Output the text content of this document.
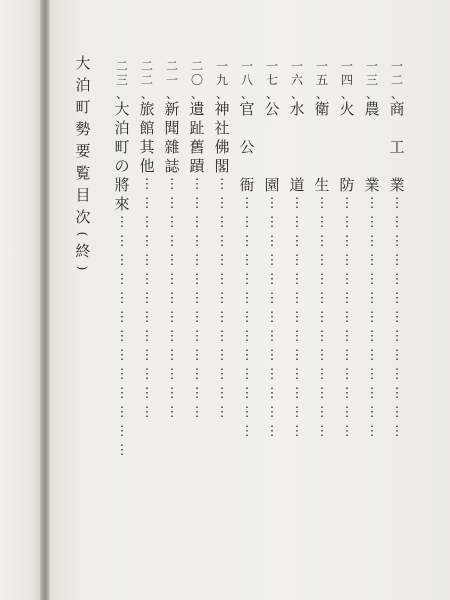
大
泊
町
勢
要
覧
目
次
(
終
)
一
二
、
商

工

業
⋮
⋮
⋮
⋮
⋮
⋮
⋮
⋮
⋮
⋮
⋮
⋮
⋮
一
三
、
農

業
⋮
⋮
⋮
⋮
⋮
⋮
⋮
⋮
⋮
⋮
⋮
⋮
⋮
一
四
、
火

防
⋮
⋮
⋮
⋮
⋮
⋮
⋮
⋮
⋮
⋮
⋮
⋮
⋮
一
五
、
衛

生
⋮
⋮
⋮
⋮
⋮
⋮
⋮
⋮
⋮
⋮
⋮
⋮
⋮
一
六
、
水

道
⋮
⋮
⋮
⋮
⋮
⋮
⋮
⋮
⋮
⋮
⋮
⋮
⋮
一
七
、
公

園
⋮
⋮
⋮
⋮
⋮
⋮
⋮
⋮
⋮
⋮
⋮
⋮
⋮
一
八
、
官

公

衙
⋮
⋮
⋮
⋮
⋮
⋮
⋮
⋮
⋮
⋮
⋮
⋮
⋮
一
九
、
神
社
佛
閣
⋮
⋮
⋮
⋮
⋮
⋮
⋮
⋮
⋮
⋮
⋮
⋮
⋮
二
〇
、
遺
趾
舊
蹟
⋮
⋮
⋮
⋮
⋮
⋮
⋮
⋮
⋮
⋮
⋮
⋮
⋮
二
一
、
新
聞
雜
誌
⋮
⋮
⋮
⋮
⋮
⋮
⋮
⋮
⋮
⋮
⋮
⋮
⋮
二
二
、
旅
館
其
他
⋮
⋮
⋮
⋮
⋮
⋮
⋮
⋮
⋮
⋮
⋮
⋮
⋮
二
三
、
大
泊
町
の
將
來
⋮
⋮
⋮
⋮
⋮
⋮
⋮
⋮
⋮
⋮
⋮
⋮
⋮
